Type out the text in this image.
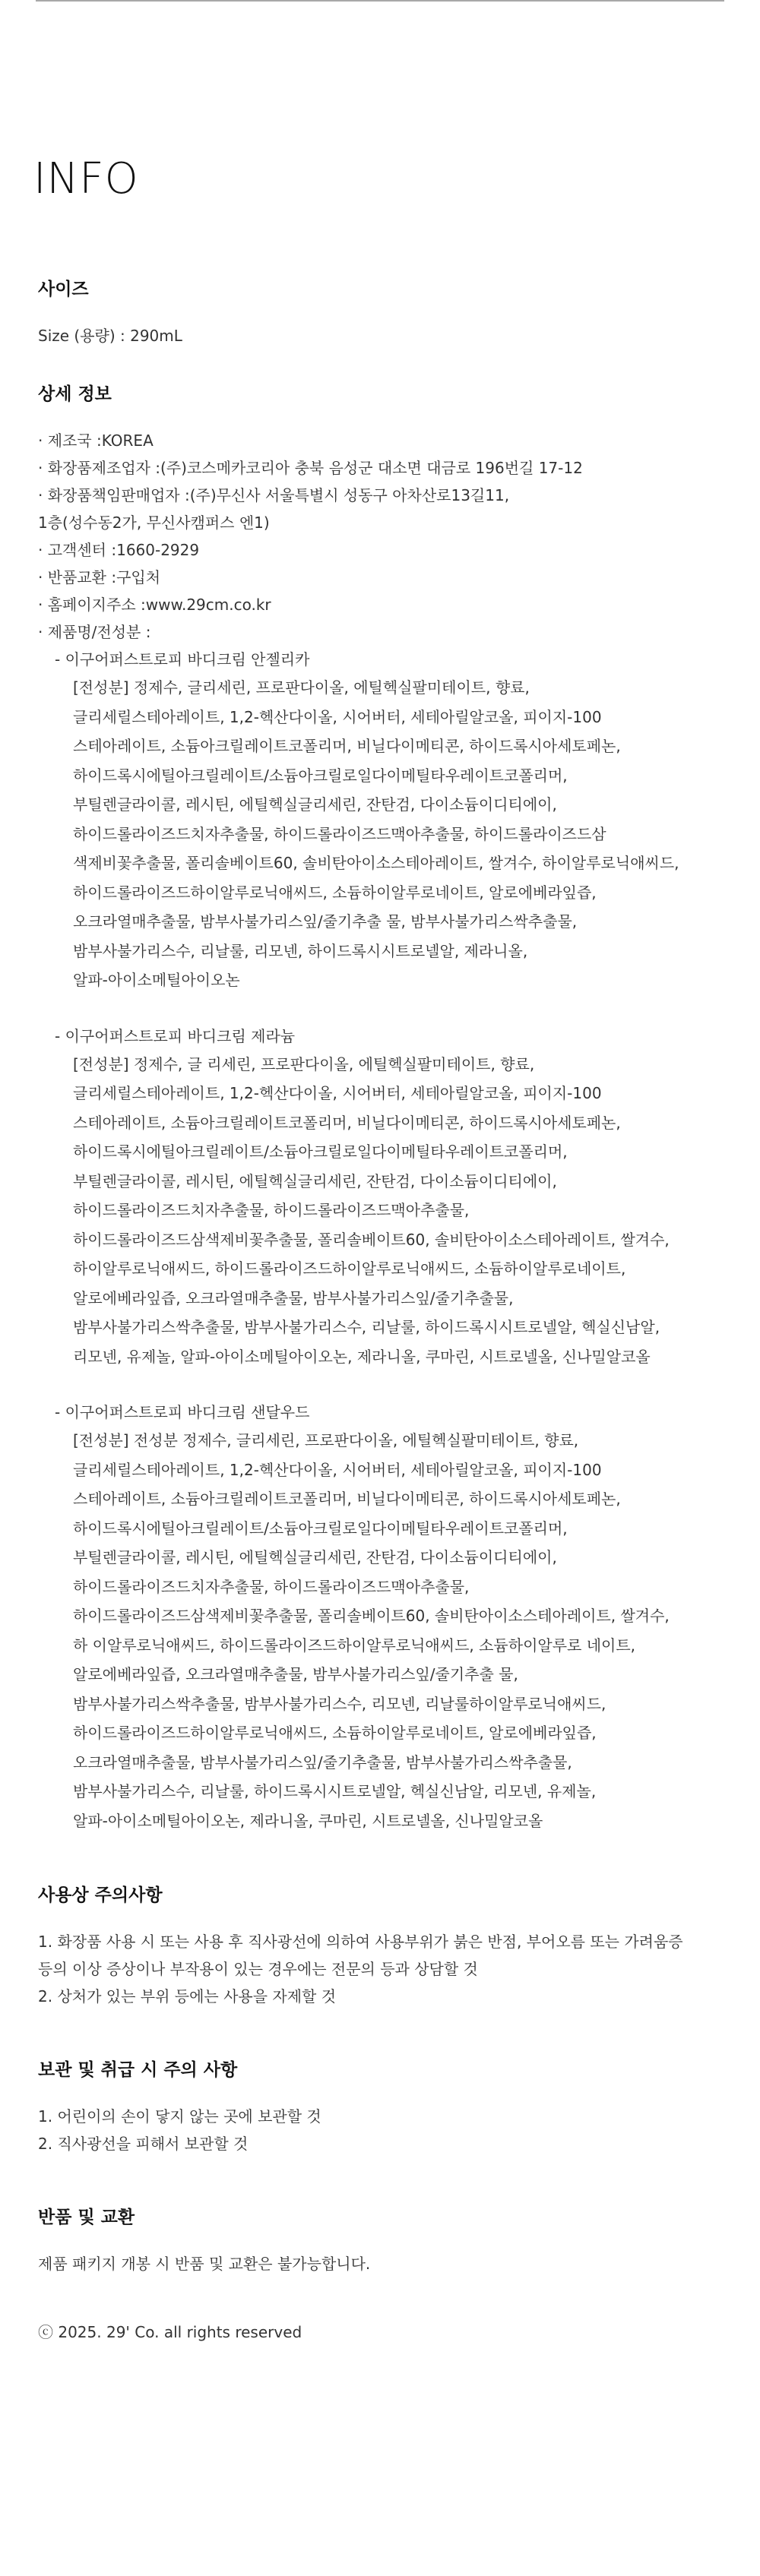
INFO
사이즈
Size (용량) : 290mL
상세 정보
· 제조국 :KOREA
· 화장품제조업자 :(주)코스메카코리아 충북 음성군 대소면 대금로 196번길 17-12
· 화장품책임판매업자 :(주)무신사 서울특별시 성동구 아차산로13길11,
1층(성수동2가, 무신사캠퍼스 엔1)
· 고객센터 :1660-2929
· 반품교환 :구입처
· 홈페이지주소 :www.29cm.co.kr
· 제품명/전성분 :
- 이구어퍼스트로피 바디크림 안젤리카
[전성분] 정제수, 글리세린, 프로판다이올, 에틸헥실팔미테이트, 향료,
글리세릴스테아레이트, 1,2-헥산다이올, 시어버터, 세테아릴알코올, 피이지-100
스테아레이트, 소듐아크릴레이트코폴리머, 비닐다이메티콘, 하이드록시아세토페논,
하이드록시에틸아크릴레이트/소듐아크릴로일다이메틸타우레이트코폴리머,
부틸렌글라이콜, 레시틴, 에틸헥실글리세린, 잔탄검, 다이소듐이디티에이,
하이드롤라이즈드치자추출물, 하이드롤라이즈드맥아추출물, 하이드롤라이즈드삼
색제비꽃추출물, 폴리솔베이트60, 솔비탄아이소스테아레이트, 쌀겨수, 하이알루로닉애씨드,
하이드롤라이즈드하이알루로닉애씨드, 소듐하이알루로네이트, 알로에베라잎즙,
오크라열매추출물, 밤부사불가리스잎/줄기추출 물, 밤부사불가리스싹추출물,
밤부사불가리스수, 리날룰, 리모넨, 하이드록시시트로넬알, 제라니올,
알파-아이소메틸아이오논
- 이구어퍼스트로피 바디크림 제라늄
[전성분] 정제수, 글 리세린, 프로판다이올, 에틸헥실팔미테이트, 향료,
글리세릴스테아레이트, 1,2-헥산다이올, 시어버터, 세테아릴알코올, 피이지-100
스테아레이트, 소듐아크릴레이트코폴리머, 비닐다이메티콘, 하이드록시아세토페논,
하이드록시에틸아크릴레이트/소듐아크릴로일다이메틸타우레이트코폴리머,
부틸렌글라이콜, 레시틴, 에틸헥실글리세린, 잔탄검, 다이소듐이디티에이,
하이드롤라이즈드치자추출물, 하이드롤라이즈드맥아추출물,
하이드롤라이즈드삼색제비꽃추출물, 폴리솔베이트60, 솔비탄아이소스테아레이트, 쌀겨수,
하이알루로닉애씨드, 하이드롤라이즈드하이알루로닉애씨드, 소듐하이알루로네이트,
알로에베라잎즙, 오크라열매추출물, 밤부사불가리스잎/줄기추출물,
밤부사불가리스싹추출물, 밤부사불가리스수, 리날룰, 하이드록시시트로넬알, 헥실신남알,
리모넨, 유제놀, 알파-아이소메틸아이오논, 제라니올, 쿠마린, 시트로넬올, 신나밀알코올
- 이구어퍼스트로피 바디크림 샌달우드
[전성분] 전성분 정제수, 글리세린, 프로판다이올, 에틸헥실팔미테이트, 향료,
글리세릴스테아레이트, 1,2-헥산다이올, 시어버터, 세테아릴알코올, 피이지-100
스테아레이트, 소듐아크릴레이트코폴리머, 비닐다이메티콘, 하이드록시아세토페논,
하이드록시에틸아크릴레이트/소듐아크릴로일다이메틸타우레이트코폴리머,
부틸렌글라이콜, 레시틴, 에틸헥실글리세린, 잔탄검, 다이소듐이디티에이,
하이드롤라이즈드치자추출물, 하이드롤라이즈드맥아추출물,
하이드롤라이즈드삼색제비꽃추출물, 폴리솔베이트60, 솔비탄아이소스테아레이트, 쌀겨수,
하 이알루로닉애씨드, 하이드롤라이즈드하이알루로닉애씨드, 소듐하이알루로 네이트,
알로에베라잎즙, 오크라열매추출물, 밤부사불가리스잎/줄기추출 물,
밤부사불가리스싹추출물, 밤부사불가리스수, 리모넨, 리날룰하이알루로닉애씨드,
하이드롤라이즈드하이알루로닉애씨드, 소듐하이알루로네이트, 알로에베라잎즙,
오크라열매추출물, 밤부사불가리스잎/줄기추출물, 밤부사불가리스싹추출물,
밤부사불가리스수, 리날룰, 하이드록시시트로넬알, 헥실신남알, 리모넨, 유제놀,
알파-아이소메틸아이오논, 제라니올, 쿠마린, 시트로넬올, 신나밀알코올
사용상 주의사항
1. 화장품 사용 시 또는 사용 후 직사광선에 의하여 사용부위가 붉은 반점, 부어오름 또는 가려움증
등의 이상 증상이나 부작용이 있는 경우에는 전문의 등과 상담할 것
2. 상처가 있는 부위 등에는 사용을 자제할 것
보관 및 취급 시 주의 사항
1. 어린이의 손이 닿지 않는 곳에 보관할 것
2. 직사광선을 피해서 보관할 것
반품 및 교환
제품 패키지 개봉 시 반품 및 교환은 불가능합니다.
ⓒ 2025. 29' Co. all rights reserved
